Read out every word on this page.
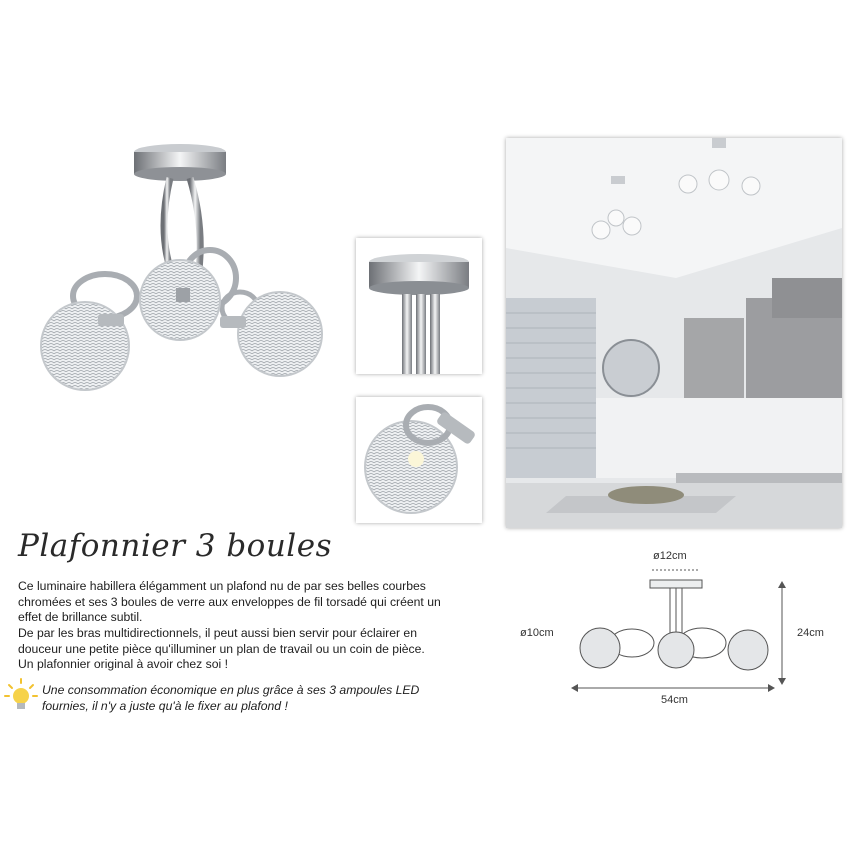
Plafonnier 3 boules
Ce luminaire habillera élégamment un plafond nu de par ses belles courbes chromées et ses 3 boules de verre aux enveloppes de fil torsadé qui créent un effet de brillance subtil.
De par les bras multidirectionnels, il peut aussi bien servir pour éclairer en douceur une petite pièce qu'illuminer un plan de travail ou un coin de pièce.
Un plafonnier original à avoir chez soi !
Une consommation économique en plus grâce à ses 3 ampoules LED
fournies, il n'y a juste qu'à le fixer au plafond !
ø12cm
ø10cm	24cm
54cm
